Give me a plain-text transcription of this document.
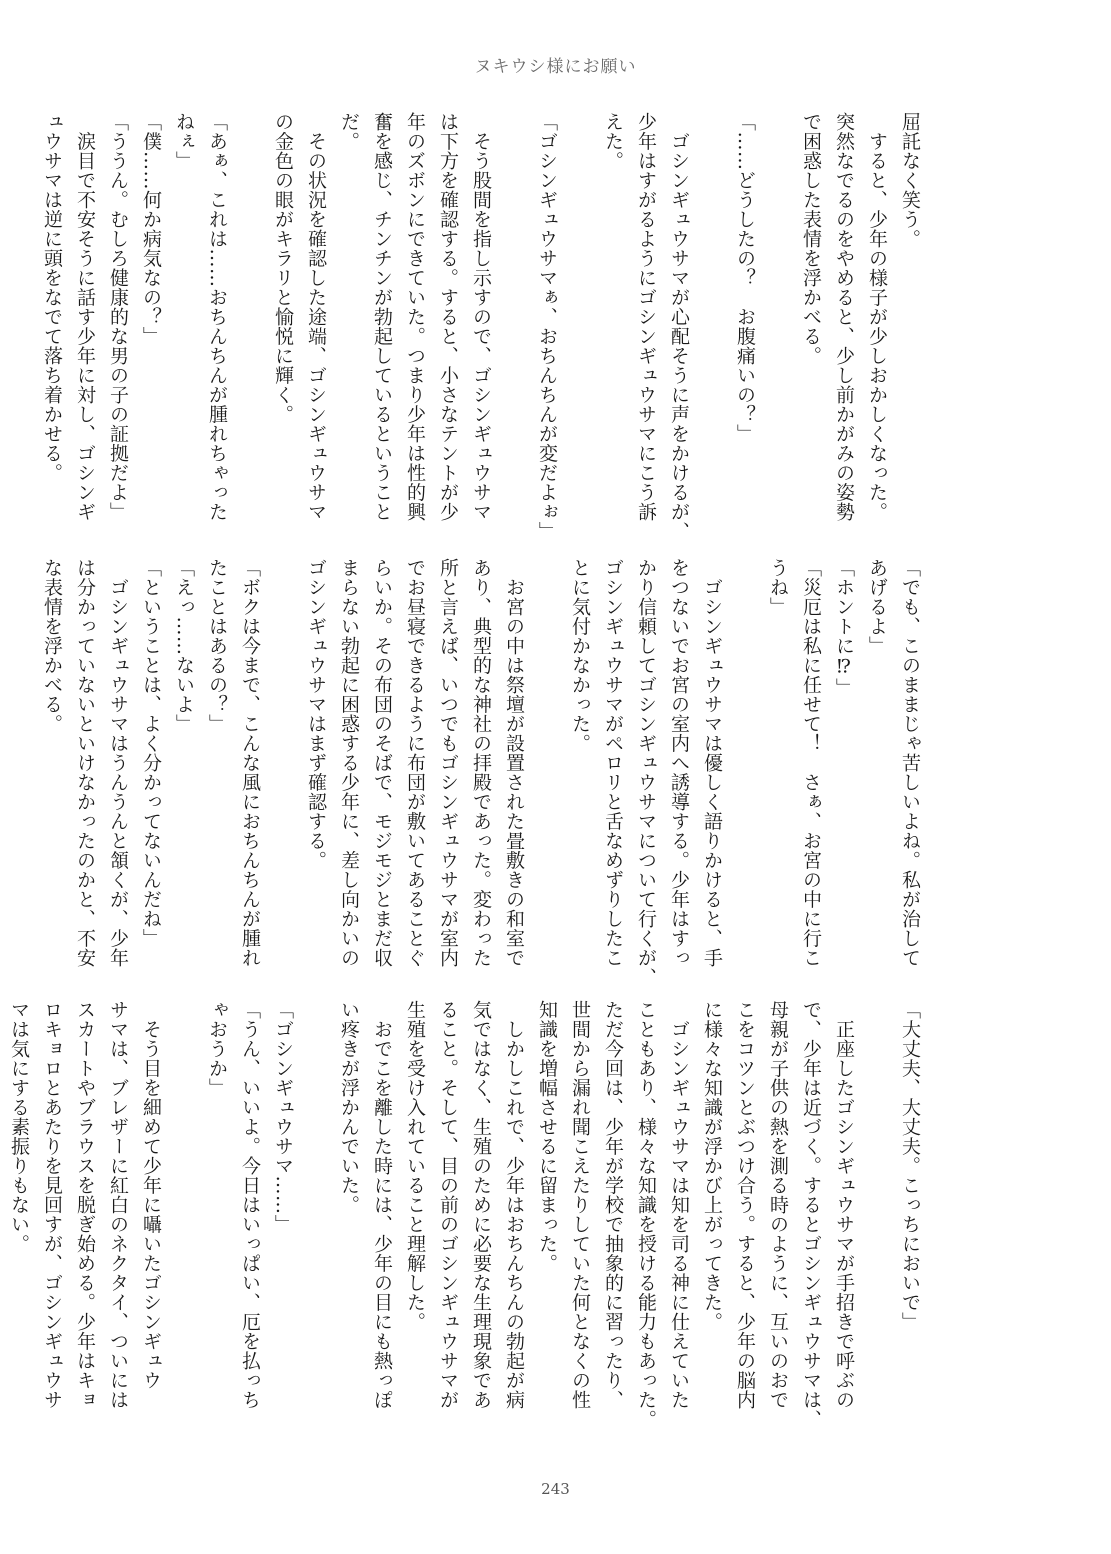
ヌキウシ様にお願い
屈託なく笑う。
　すると、少年の様子が少しおかしくなった。
突然なでるのをやめると、少し前かがみの姿勢
で困惑した表情を浮かべる。

「……どうしたの？　お腹痛いの？」

　ゴシンギュウサマが心配そうに声をかけるが、
少年はすがるようにゴシンギュウサマにこう訴
えた。

「ゴシンギュウサマぁ、おちんちんが変だよぉ」

　そう股間を指し示すので、ゴシンギュウサマ
は下方を確認する。すると、小さなテントが少
年のズボンにできていた。つまり少年は性的興
奮を感じ、チンチンが勃起しているということ
だ。
　その状況を確認した途端、ゴシンギュウサマ
の金色の眼がキラリと愉悦に輝く。

「あぁ、これは……おちんちんが腫れちゃった
ねぇ」
「僕……何か病気なの？」
「ううん。むしろ健康的な男の子の証拠だよ」
　涙目で不安そうに話す少年に対し、ゴシンギ
ュウサマは逆に頭をなでて落ち着かせる。
「でも、このままじゃ苦しいよね。私が治して
あげるよ」
「ホントに⁉」
「災厄は私に任せて！　さぁ、お宮の中に行こ
うね」

　ゴシンギュウサマは優しく語りかけると、手
をつないでお宮の室内へ誘導する。少年はすっ
かり信頼してゴシンギュウサマについて行くが、
ゴシンギュウサマがペロリと舌なめずりしたこ
とに気付かなかった。

　お宮の中は祭壇が設置された畳敷きの和室で
あり、典型的な神社の拝殿であった。変わった
所と言えば、いつでもゴシンギュウサマが室内
でお昼寝できるように布団が敷いてあることぐ
らいか。その布団のそばで、モジモジとまだ収
まらない勃起に困惑する少年に、差し向かいの
ゴシンギュウサマはまず確認する。

「ボクは今まで、こんな風におちんちんが腫れ
たことはあるの？」
「えっ……ないよ」
「ということは、よく分かってないんだね」
　ゴシンギュウサマはうんうんと頷くが、少年
は分かっていないといけなかったのかと、不安
な表情を浮かべる。
「大丈夫、大丈夫。こっちにおいで」

　正座したゴシンギュウサマが手招きで呼ぶの
で、少年は近づく。するとゴシンギュウサマは、
母親が子供の熱を測る時のように、互いのおで
こをコツンとぶつけ合う。すると、少年の脳内
に様々な知識が浮かび上がってきた。
　ゴシンギュウサマは知を司る神に仕えていた
こともあり、様々な知識を授ける能力もあった。
ただ今回は、少年が学校で抽象的に習ったり、
世間から漏れ聞こえたりしていた何となくの性
知識を増幅させるに留まった。
　しかしこれで、少年はおちんちんの勃起が病
気ではなく、生殖のために必要な生理現象であ
ること。そして、目の前のゴシンギュウサマが
生殖を受け入れていること理解した。
　おでこを離した時には、少年の目にも熱っぽ
い疼きが浮かんでいた。

「ゴシンギュウサマ……」
「うん、いいよ。今日はいっぱい、厄を払っち
ゃおうか」

　そう目を細めて少年に囁いたゴシンギュウ
サマは、ブレザーに紅白のネクタイ、ついには
スカートやブラウスを脱ぎ始める。少年はキョ
ロキョロとあたりを見回すが、ゴシンギュウサ
マは気にする素振りもない。
243
